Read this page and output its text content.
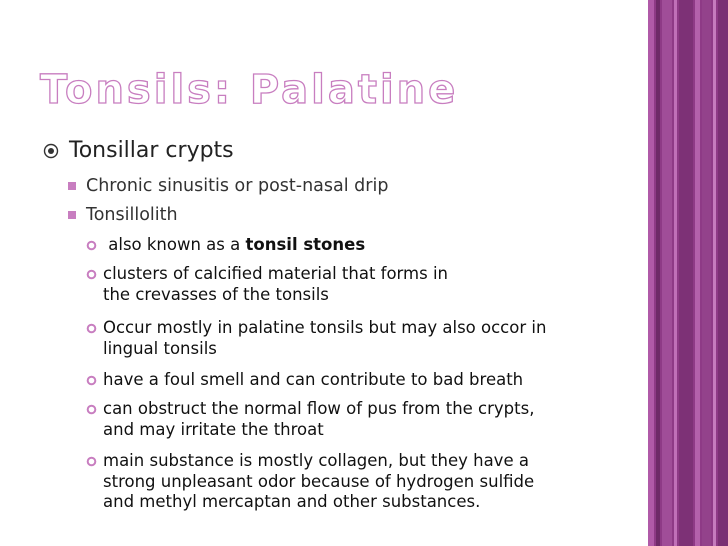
Tonsils: Palatine
Tonsillar crypts
Chronic sinusitis or post-nasal drip
Tonsillolith
also known as a tonsil stones
clusters of calcified material that forms in
the crevasses of the tonsils
Occur mostly in palatine tonsils but may also occor in
lingual tonsils
have a foul smell and can contribute to bad breath
can obstruct the normal flow of pus from the crypts,
and may irritate the throat
main substance is mostly collagen, but they have a
strong unpleasant odor because of hydrogen sulfide
and methyl mercaptan and other substances.
